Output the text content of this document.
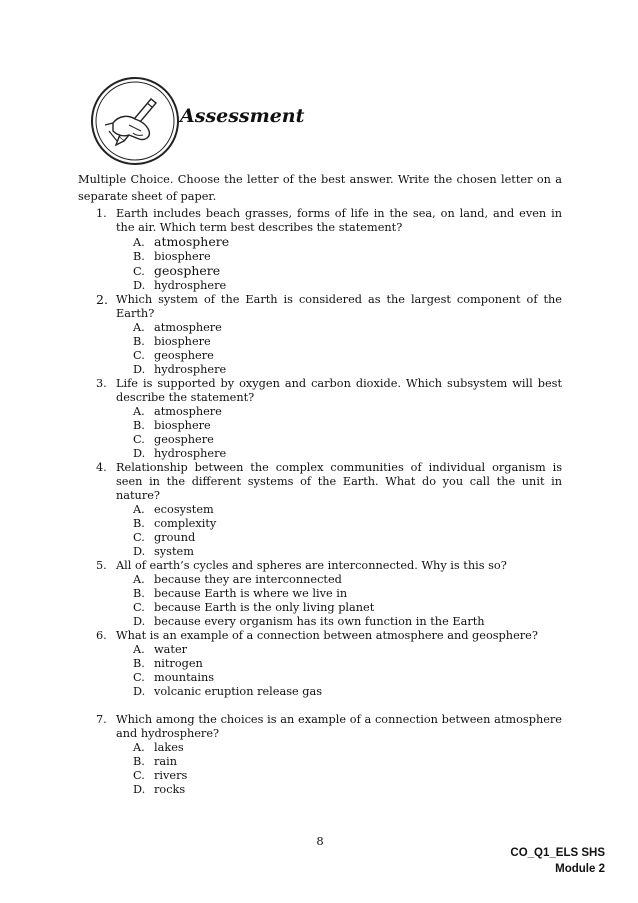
Assessment
Multiple Choice. Choose the letter of the best answer. Write the chosen letter on a separate sheet of paper.
1. Earth includes beach grasses, forms of life in the sea, on land, and even in the air. Which term best describes the statement?
A. atmosphere
B. biosphere
C. geosphere
D. hydrosphere
2. Which system of the Earth is considered as the largest component of the Earth?
A. atmosphere
B. biosphere
C. geosphere
D. hydrosphere
3. Life is supported by oxygen and carbon dioxide. Which subsystem will best describe the statement?
A. atmosphere
B. biosphere
C. geosphere
D. hydrosphere
4. Relationship between the complex communities of individual organism is seen in the different systems of the Earth. What do you call the unit in nature?
A. ecosystem
B. complexity
C. ground
D. system
5. All of earth’s cycles and spheres are interconnected. Why is this so?
A. because they are interconnected
B. because Earth is where we live in
C. because Earth is the only living planet
D. because every organism has its own function in the Earth
6. What is an example of a connection between atmosphere and geosphere?
A. water
B. nitrogen
C. mountains
D. volcanic eruption release gas
7. Which among the choices is an example of a connection between atmosphere and hydrosphere?
A. lakes
B. rain
C. rivers
D. rocks
8
CO_Q1_ELS SHS
Module 2
